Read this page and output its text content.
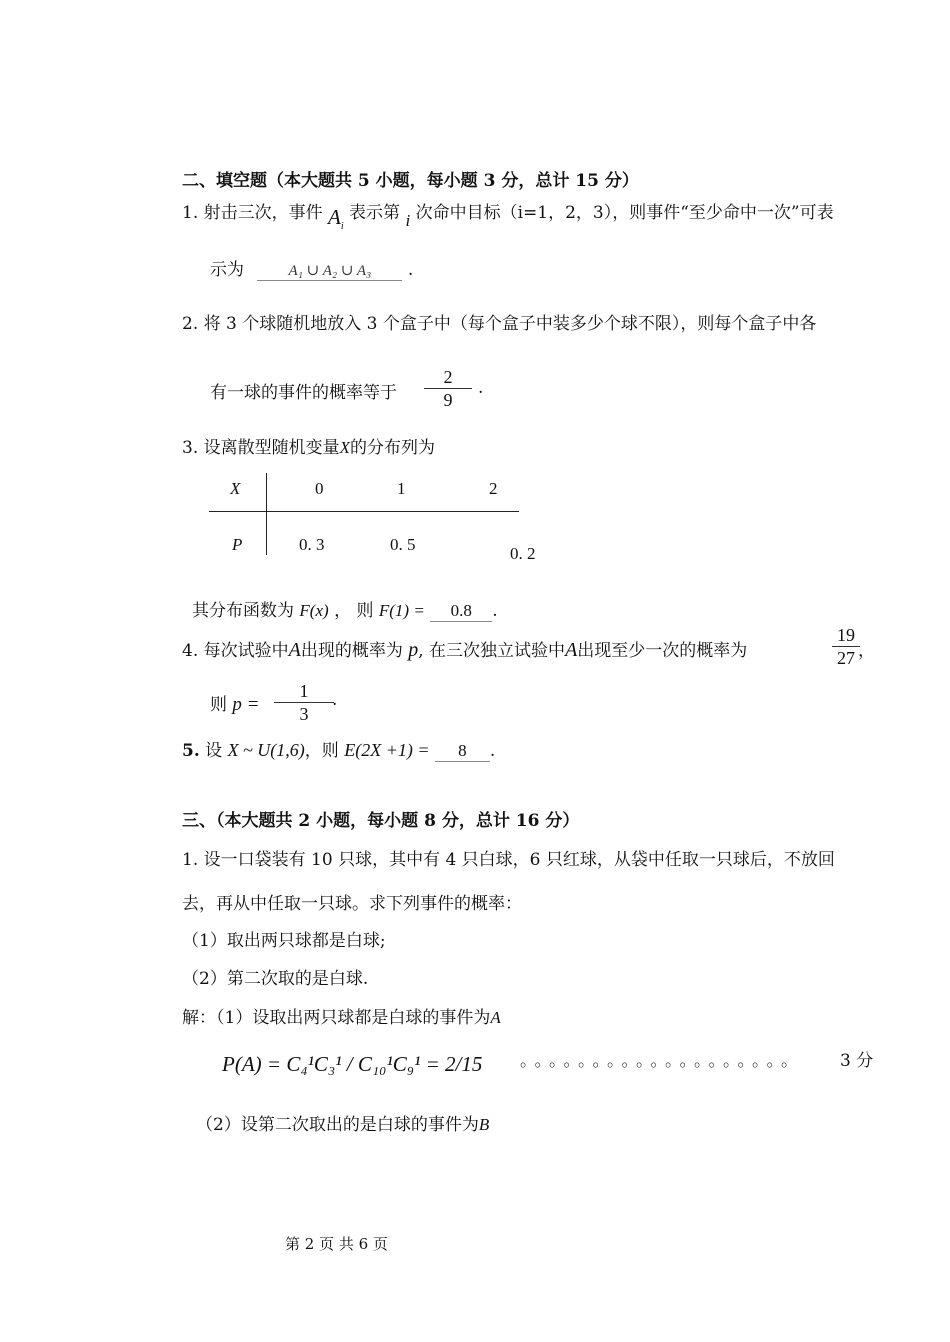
二、填空题（本大题共 5 小题，每小题 3 分，总计 15 分）
1. 射击三次，事件 $A_i$ 表示第 i 次命中目标（i=1，2，3），则事件“至少命中一次”可表
示为	A₁ ∪ A₂ ∪ A₃ .
2. 将 3 个球随机地放入 3 个盒子中（每个盒子中装多少个球不限），则每个盒子中各
有一球的事件的概率等于
2
9
.
3. 设离散型随机变量X的分布列为
X	0	1	2
P	0. 3	0. 5	0. 2
其分布函数为 F(x) ， 则 F(1) = 0.8 .
4. 每次试验中A出现的概率为 p, 在三次独立试验中A出现至少一次的概率为
19
27 ，
则 p =
1
3
.
5. 设 X ~ U(1,6)，则 E(2X +1) = 8 .
三、（本大题共 2 小题，每小题 8 分，总计 16 分）
1. 设一口袋装有 10 只球，其中有 4 只白球，6 只红球，从袋中任取一只球后，不放回
去，再从中任取一只球。求下列事件的概率：
（1）取出两只球都是白球;
（2）第二次取的是白球.
解：（1）设取出两只球都是白球的事件为A
P(A) = C₄¹C₃¹ / C₁₀¹C₉¹ = 2/15 。。。。。。。。。。。。。。。。。。。 3 分
（2）设第二次取出的是白球的事件为B
第 2 页 共 6 页
